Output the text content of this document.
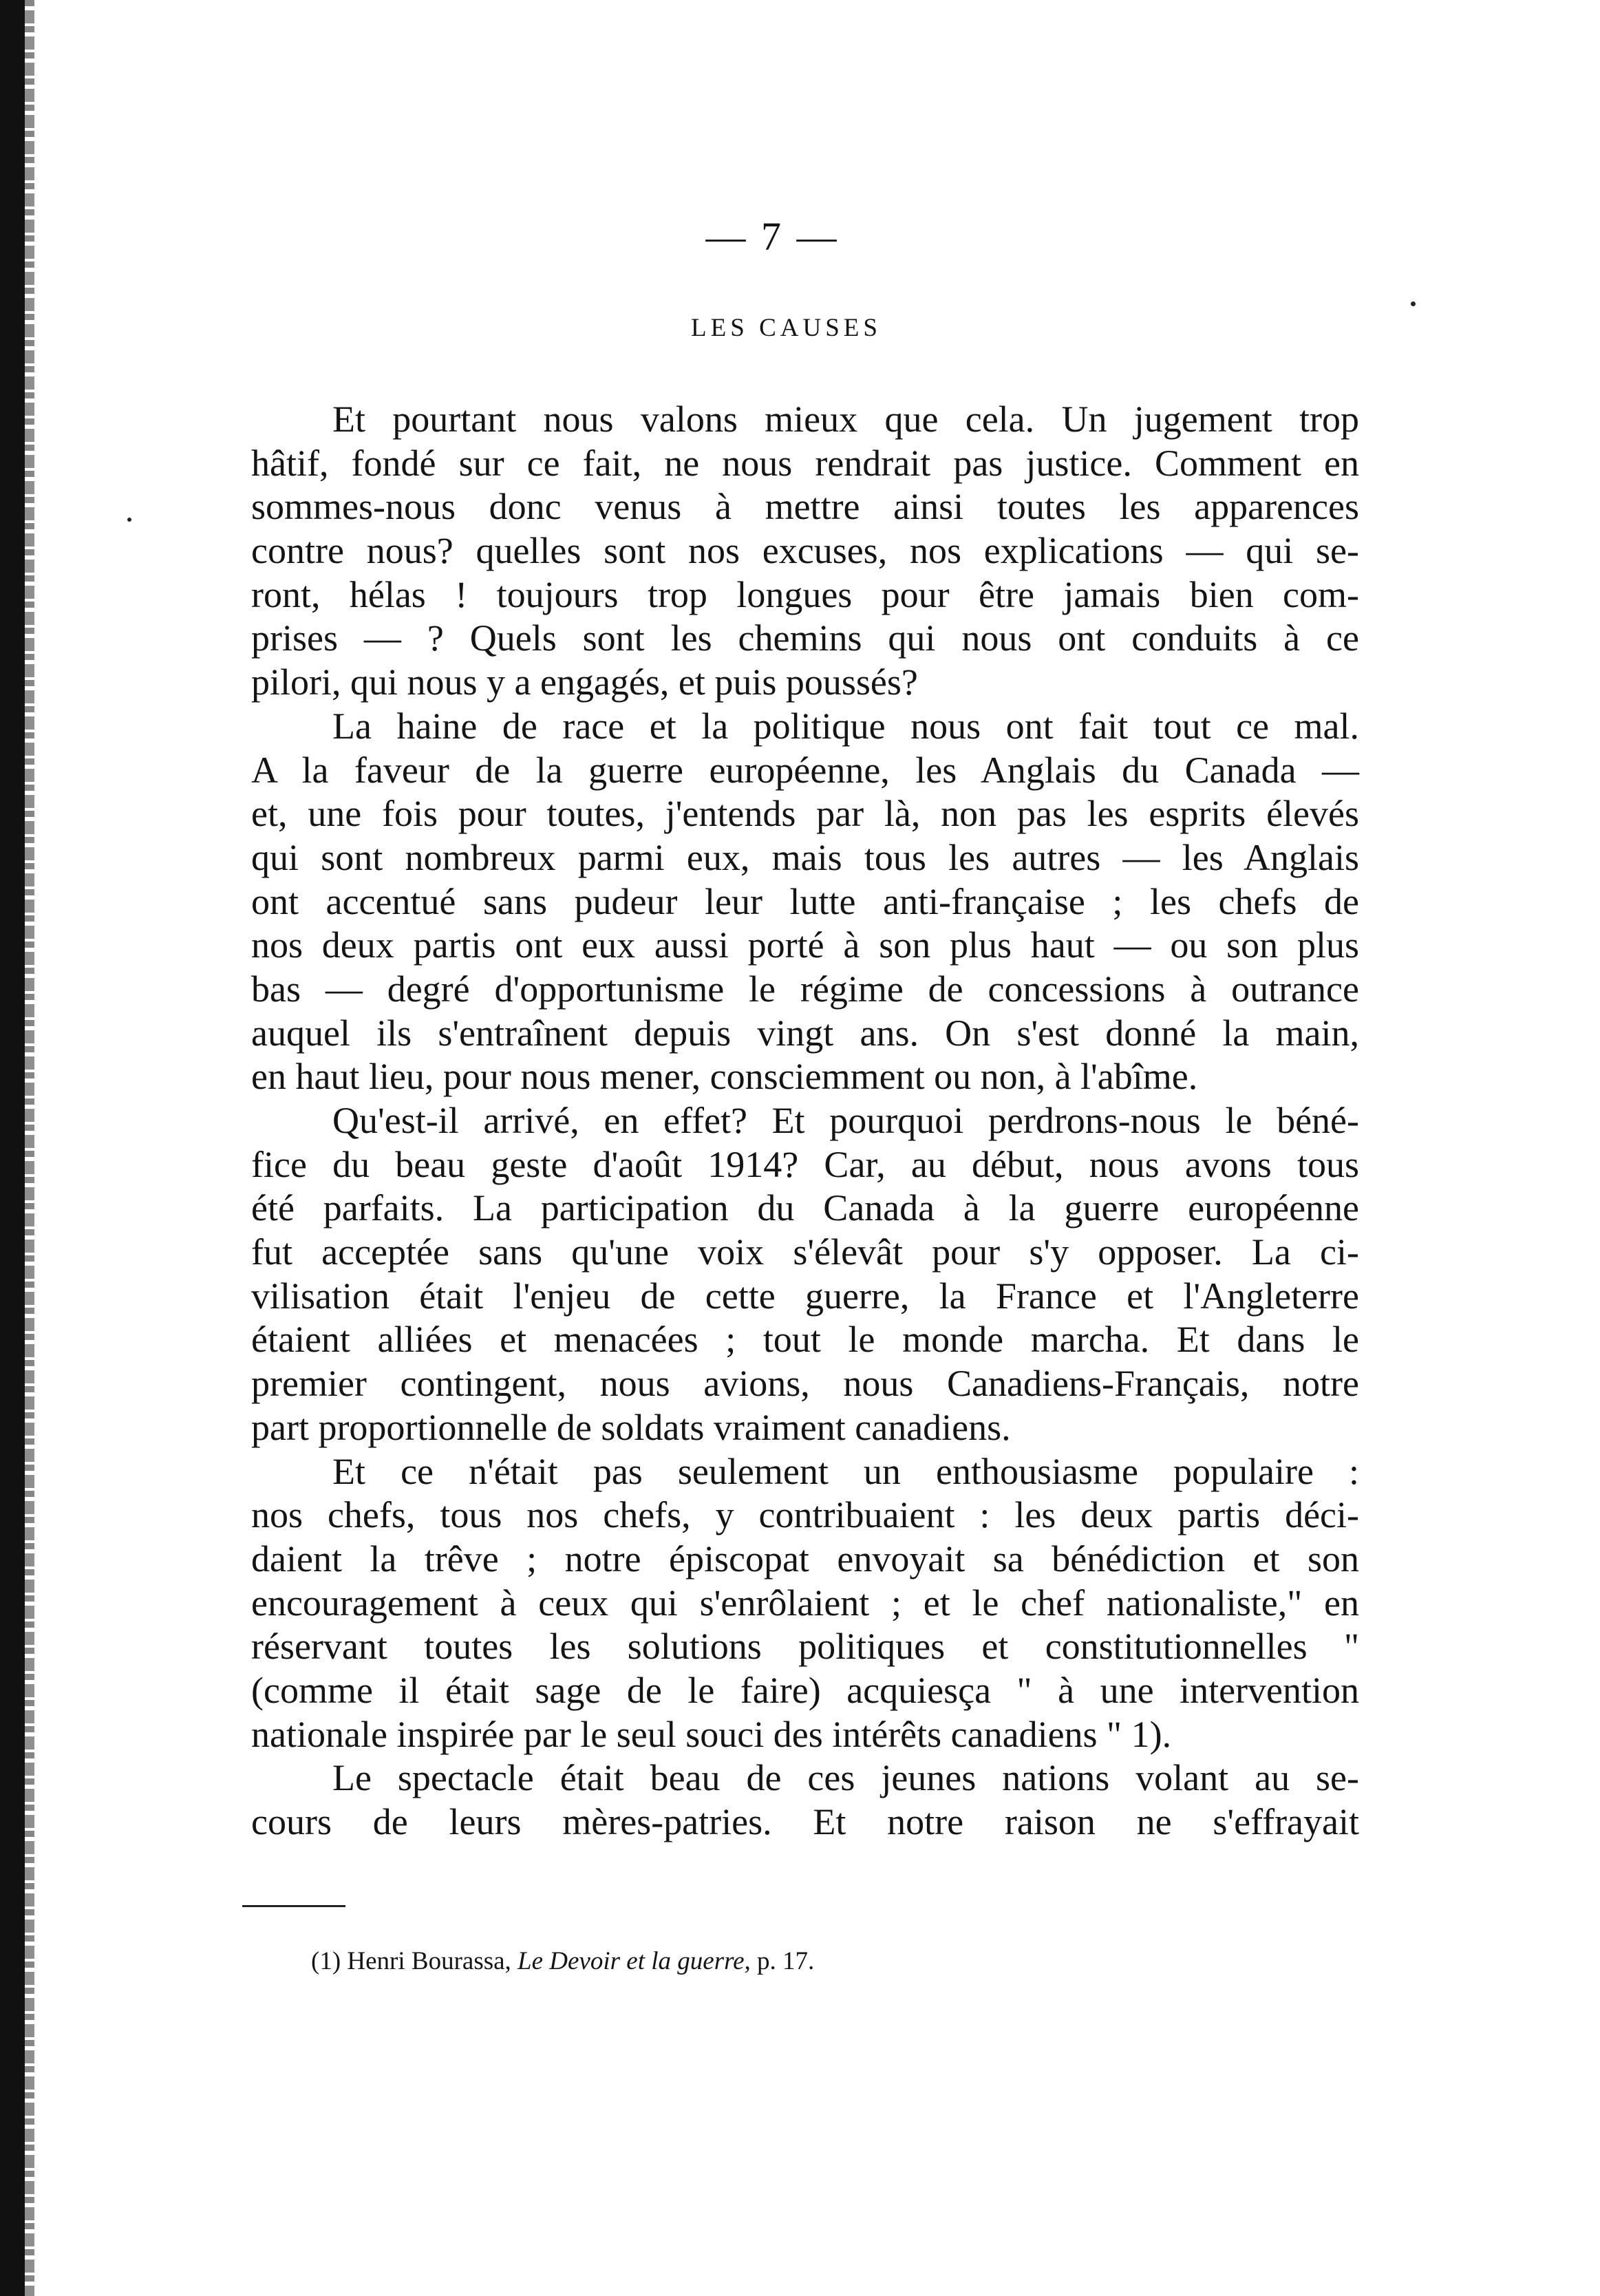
— 7 —
LES CAUSES
Et pourtant nous valons mieux que cela. Un jugement trop
hâtif, fondé sur ce fait, ne nous rendrait pas justice. Comment en
sommes-nous donc venus à mettre ainsi toutes les apparences
contre nous? quelles sont nos excuses, nos explications — qui se-
ront, hélas ! toujours trop longues pour être jamais bien com-
prises — ? Quels sont les chemins qui nous ont conduits à ce
pilori, qui nous y a engagés, et puis poussés?
La haine de race et la politique nous ont fait tout ce mal.
A la faveur de la guerre européenne, les Anglais du Canada —
et, une fois pour toutes, j'entends par là, non pas les esprits élevés
qui sont nombreux parmi eux, mais tous les autres — les Anglais
ont accentué sans pudeur leur lutte anti-française ; les chefs de
nos deux partis ont eux aussi porté à son plus haut — ou son plus
bas — degré d'opportunisme le régime de concessions à outrance
auquel ils s'entraînent depuis vingt ans. On s'est donné la main,
en haut lieu, pour nous mener, consciemment ou non, à l'abîme.
Qu'est-il arrivé, en effet? Et pourquoi perdrons-nous le béné-
fice du beau geste d'août 1914? Car, au début, nous avons tous
été parfaits. La participation du Canada à la guerre européenne
fut acceptée sans qu'une voix s'élevât pour s'y opposer. La ci-
vilisation était l'enjeu de cette guerre, la France et l'Angleterre
étaient alliées et menacées ; tout le monde marcha. Et dans le
premier contingent, nous avions, nous Canadiens-Français, notre
part proportionnelle de soldats vraiment canadiens.
Et ce n'était pas seulement un enthousiasme populaire :
nos chefs, tous nos chefs, y contribuaient : les deux partis déci-
daient la trêve ; notre épiscopat envoyait sa bénédiction et son
encouragement à ceux qui s'enrôlaient ; et le chef nationaliste," en
réservant toutes les solutions politiques et constitutionnelles "
(comme il était sage de le faire) acquiesça " à une intervention
nationale inspirée par le seul souci des intérêts canadiens " 1).
Le spectacle était beau de ces jeunes nations volant au se-
cours de leurs mères-patries. Et notre raison ne s'effrayait
(1) Henri Bourassa, Le Devoir et la guerre, p. 17.
